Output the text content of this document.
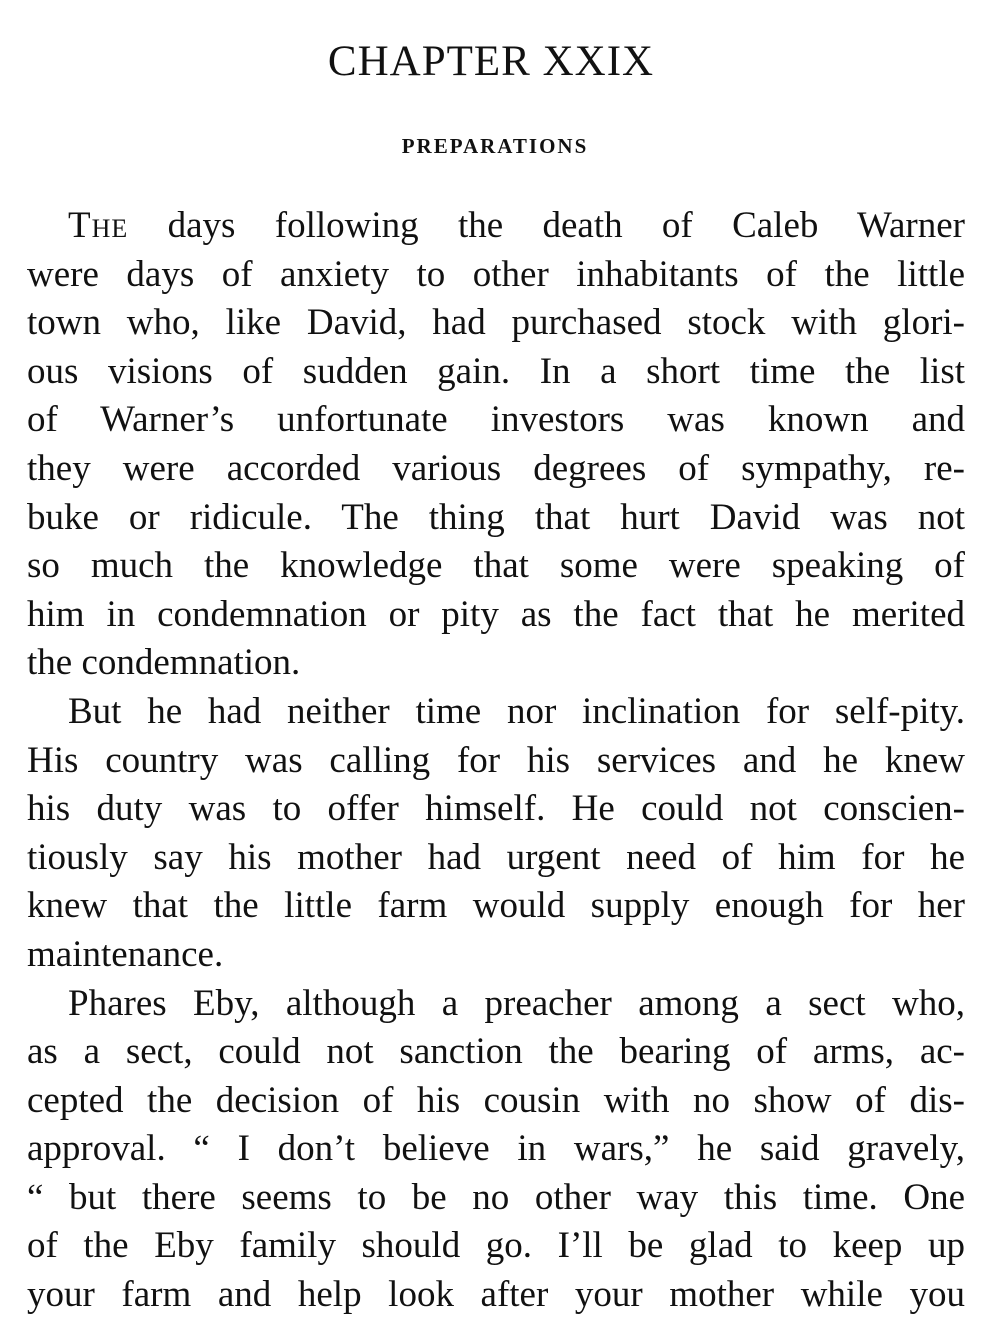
CHAPTER XXIX
PREPARATIONS
The days following the death of Caleb Warner
were days of anxiety to other inhabitants of the little
town who, like David, had purchased stock with glori-
ous visions of sudden gain. In a short time the list
of Warner’s unfortunate investors was known and
they were accorded various degrees of sympathy, re-
buke or ridicule. The thing that hurt David was not
so much the knowledge that some were speaking of
him in condemnation or pity as the fact that he merited
the condemnation.
But he had neither time nor inclination for self-pity.
His country was calling for his services and he knew
his duty was to offer himself. He could not conscien-
tiously say his mother had urgent need of him for he
knew that the little farm would supply enough for her
maintenance.
Phares Eby, although a preacher among a sect who,
as a sect, could not sanction the bearing of arms, ac-
cepted the decision of his cousin with no show of dis-
approval. “ I don’t believe in wars,” he said gravely,
“ but there seems to be no other way this time. One
of the Eby family should go. I’ll be glad to keep up
your farm and help look after your mother while you
